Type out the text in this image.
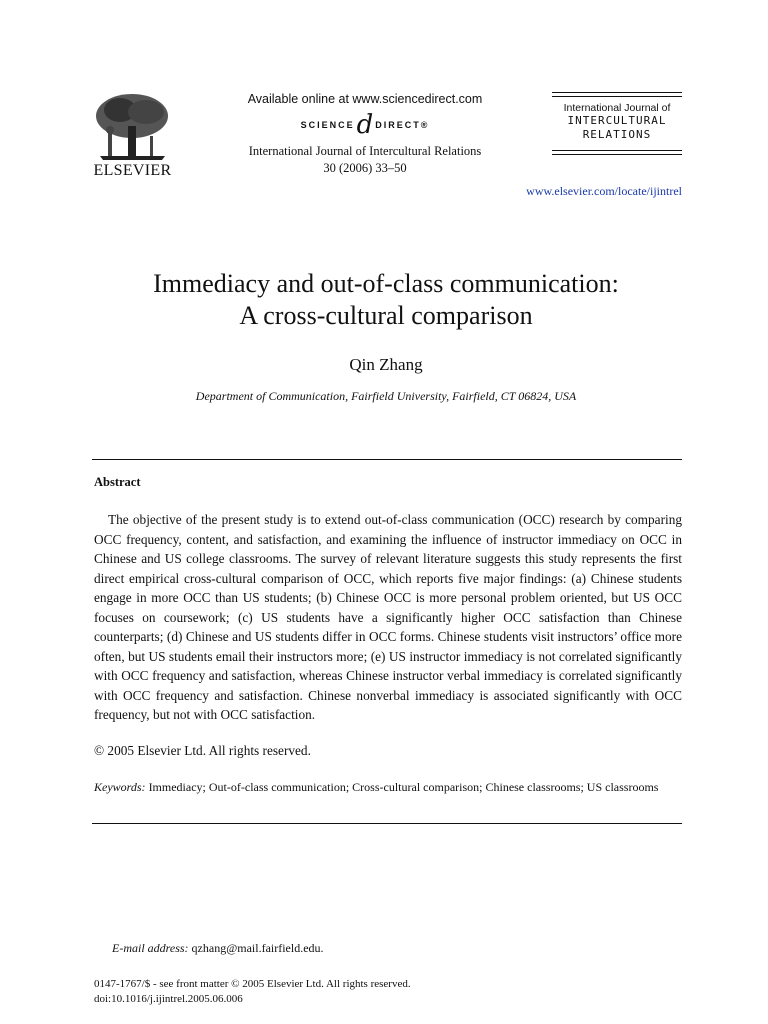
ELSEVIER
Available online at www.sciencedirect.com
SCIENCE d DIRECT®
International Journal of Intercultural Relations
30 (2006) 33–50
International Journal of
INTERCULTURAL
RELATIONS
www.elsevier.com/locate/ijintrel
Immediacy and out-of-class communication:
A cross-cultural comparison
Qin Zhang
Department of Communication, Fairfield University, Fairfield, CT 06824, USA
Abstract
The objective of the present study is to extend out-of-class communication (OCC) research by comparing OCC frequency, content, and satisfaction, and examining the influence of instructor immediacy on OCC in Chinese and US college classrooms. The survey of relevant literature suggests this study represents the first direct empirical cross-cultural comparison of OCC, which reports five major findings: (a) Chinese students engage in more OCC than US students; (b) Chinese OCC is more personal problem oriented, but US OCC focuses on coursework; (c) US students have a significantly higher OCC satisfaction than Chinese counterparts; (d) Chinese and US students differ in OCC forms. Chinese students visit instructors’ office more often, but US students email their instructors more; (e) US instructor immediacy is not correlated significantly with OCC frequency and satisfaction, whereas Chinese instructor verbal immediacy is correlated significantly with OCC frequency and satisfaction. Chinese nonverbal immediacy is associated significantly with OCC frequency, but not with OCC satisfaction.
© 2005 Elsevier Ltd. All rights reserved.
Keywords: Immediacy; Out-of-class communication; Cross-cultural comparison; Chinese classrooms; US classrooms
E-mail address: qzhang@mail.fairfield.edu.
0147-1767/$ - see front matter © 2005 Elsevier Ltd. All rights reserved.
doi:10.1016/j.ijintrel.2005.06.006
